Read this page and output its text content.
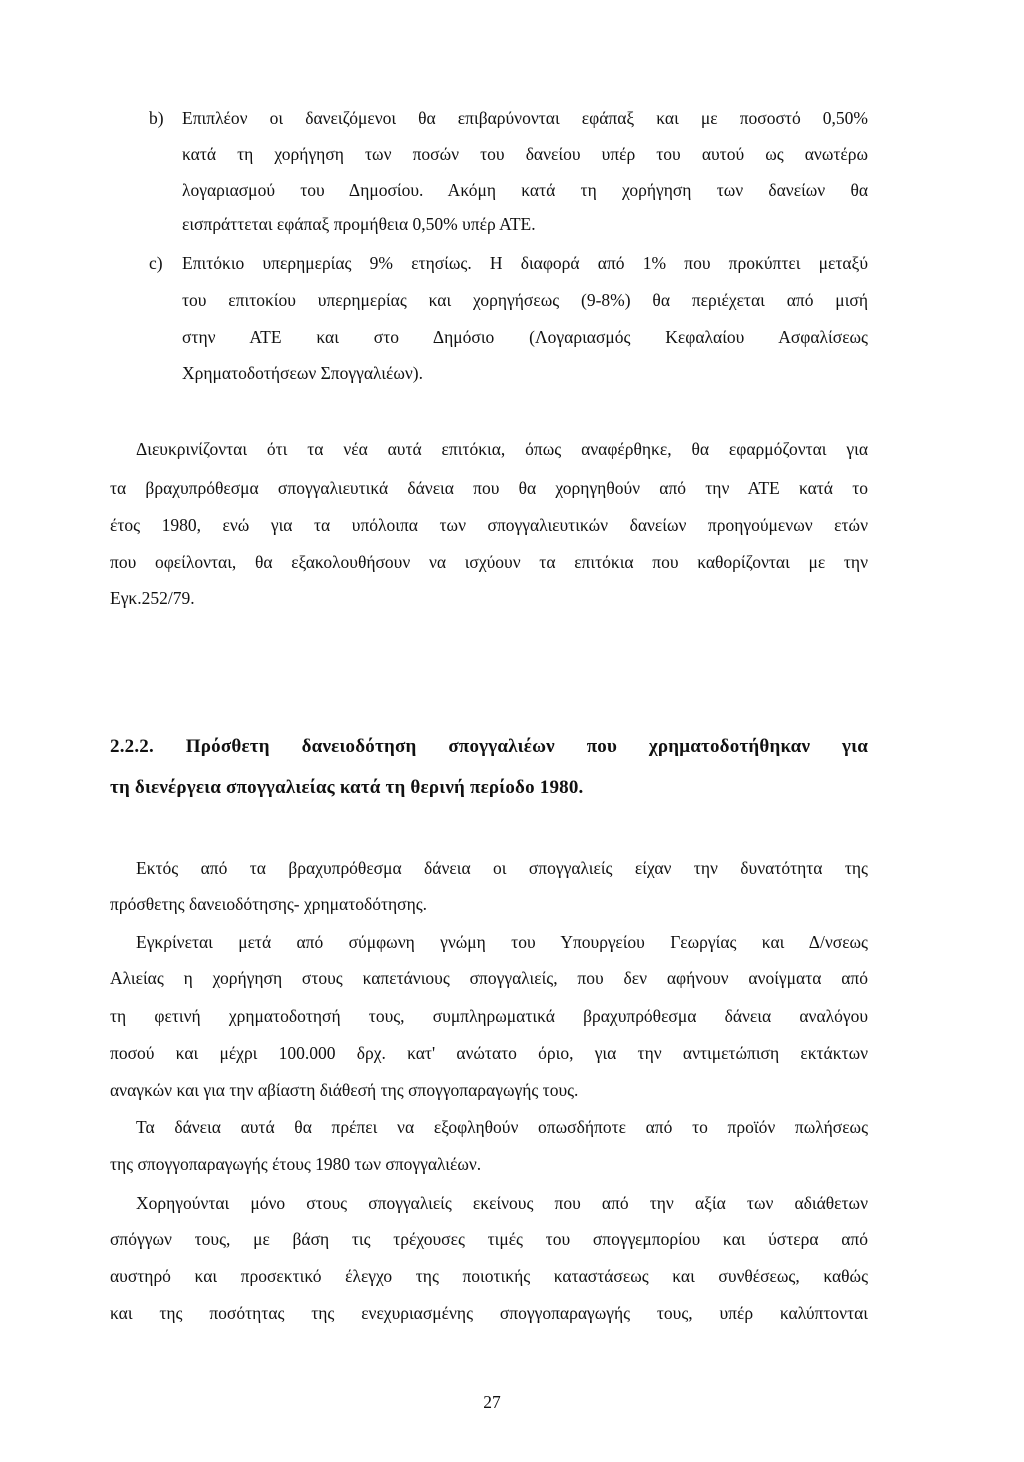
b) Επιπλέον οι δανειζόμενοι θα επιβαρύνονται εφάπαξ και με ποσοστό 0,50%
κατά τη χορήγηση των ποσών του δανείου υπέρ του αυτού ως ανωτέρω
λογαριασμού του Δημοσίου. Ακόμη κατά τη χορήγηση των δανείων θα
εισπράττεται εφάπαξ προμήθεια 0,50% υπέρ ΑΤΕ.
c) Επιτόκιο υπερημερίας 9% ετησίως. Η διαφορά από 1% που προκύπτει μεταξύ
του επιτοκίου υπερημερίας και χορηγήσεως (9-8%) θα περιέχεται από μισή
στην ΑΤΕ και στο Δημόσιο (Λογαριασμός Κεφαλαίου Ασφαλίσεως
Χρηματοδοτήσεων Σπογγαλιέων).
Διευκρινίζονται ότι τα νέα αυτά επιτόκια, όπως αναφέρθηκε, θα εφαρμόζονται για
τα βραχυπρόθεσμα σπογγαλιευτικά δάνεια που θα χορηγηθούν από την ΑΤΕ κατά το
έτος 1980, ενώ για τα υπόλοιπα των σπογγαλιευτικών δανείων προηγούμενων ετών
που οφείλονται, θα εξακολουθήσουν να ισχύουν τα επιτόκια που καθορίζονται με την
Εγκ.252/79.
2.2.2. Πρόσθετη δανειοδότηση σπογγαλιέων που χρηματοδοτήθηκαν για
τη διενέργεια σπογγαλιείας κατά τη θερινή περίοδο 1980.
Εκτός από τα βραχυπρόθεσμα δάνεια οι σπογγαλιείς είχαν την δυνατότητα της
πρόσθετης δανειοδότησης- χρηματοδότησης.
Εγκρίνεται μετά από σύμφωνη γνώμη του Υπουργείου Γεωργίας και Δ/νσεως
Αλιείας η χορήγηση στους καπετάνιους σπογγαλιείς, που δεν αφήνουν ανοίγματα από
τη φετινή χρηματοδοτησή τους, συμπληρωματικά βραχυπρόθεσμα δάνεια αναλόγου
ποσού και μέχρι 100.000 δρχ. κατ' ανώτατο όριο, για την αντιμετώπιση εκτάκτων
αναγκών και για την αβίαστη διάθεσή της σπογγοπαραγωγής τους.
Τα δάνεια αυτά θα πρέπει να εξοφληθούν οπωσδήποτε από το προϊόν πωλήσεως
της σπογγοπαραγωγής έτους 1980 των σπογγαλιέων.
Χορηγούνται μόνο στους σπογγαλιείς εκείνους που από την αξία των αδιάθετων
σπόγγων τους, με βάση τις τρέχουσες τιμές του σπογγεμπορίου και ύστερα από
αυστηρό και προσεκτικό έλεγχο της ποιοτικής καταστάσεως και συνθέσεως, καθώς
και της ποσότητας της ενεχυριασμένης σπογγοπαραγωγής τους, υπέρ καλύπτονται
27
